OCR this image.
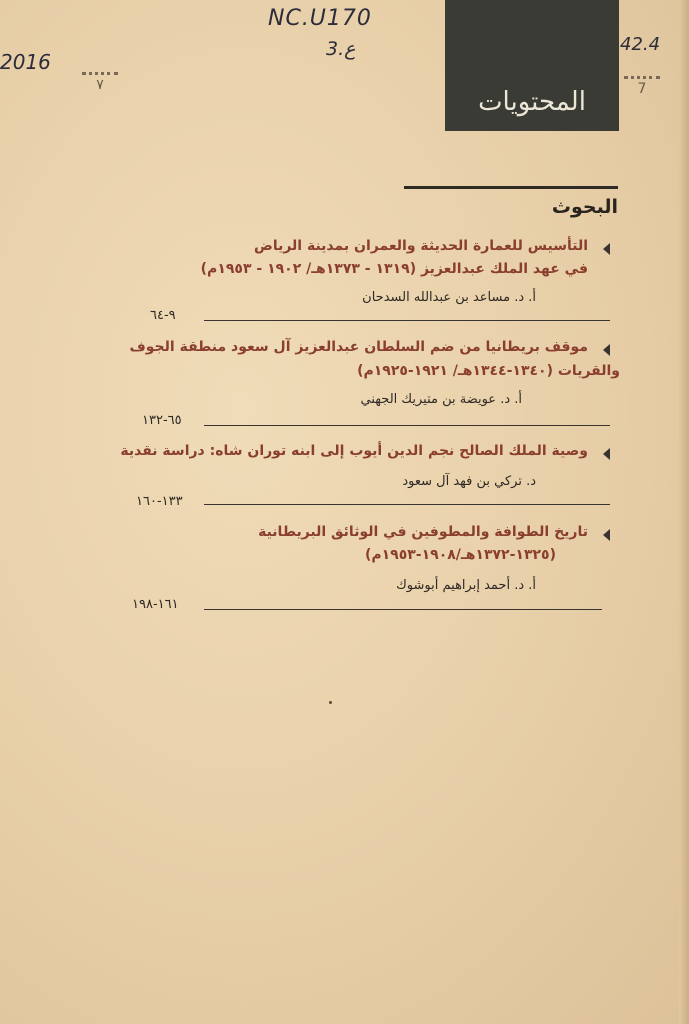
NC.U170
2016
42.4
3.ع
٧	7
المحتويات
البحوث
التأسيس للعمارة الحديثة والعمران بمدينة الرياض
في عهد الملك عبدالعزيز (١٣١٩ - ١٣٧٣هـ/ ١٩٠٢ - ١٩٥٣م)
أ. د. مساعد بن عبدالله السدحان
٩-٦٤
موقف بريطانيا من ضم السلطان عبدالعزيز آل سعود منطقة الجوف
والقريات (١٣٤٠-١٣٤٤هـ/ ١٩٢١-١٩٢٥م)
أ. د. عويضة بن متيريك الجهني
٦٥-١٣٢
وصية الملك الصالح نجم الدين أيوب إلى ابنه توران شاه: دراسة نقدية
د. تركي بن فهد آل سعود
١٣٣-١٦٠
تاريخ الطوافة والمطوفين في الوثائق البريطانية
(١٣٢٥-١٣٧٢هـ/١٩٠٨-١٩٥٣م)
أ. د. أحمد إبراهيم أبوشوك
١٦١-١٩٨
